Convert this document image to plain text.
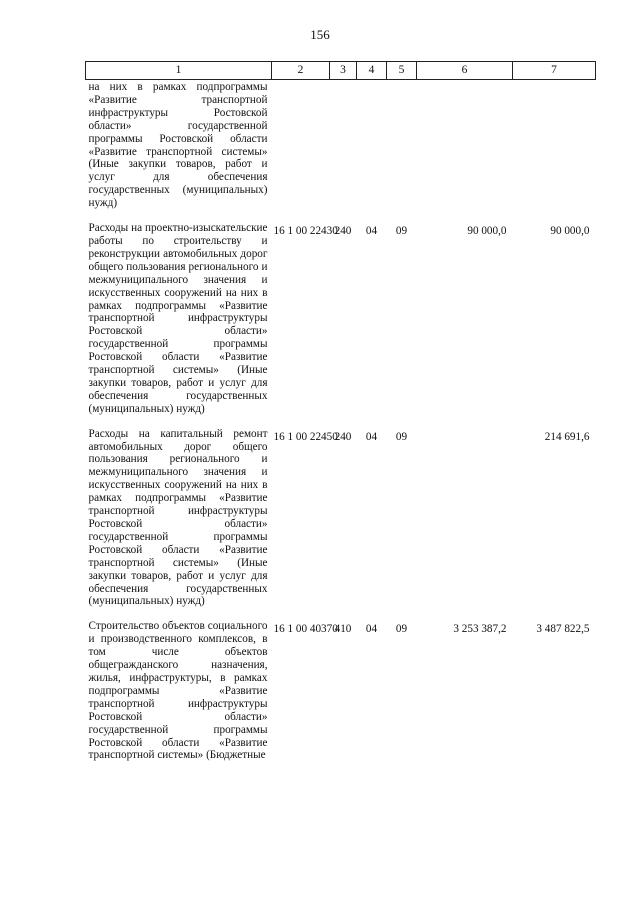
156
1	2	3	4	5	6	7
на них в рамках подпрограммы «Развитие транспортной инфраструктуры Ростовской области» государственной программы Ростовской области «Развитие транспортной системы» (Иные закупки товаров, работ и услуг для обеспечения государственных (муниципальных) нужд)						
Расходы на проектно-изыскательские работы по строительству и реконструкции автомобильных дорог общего пользования регионального и межмуниципального значения и искусственных сооружений на них в рамках подпрограммы «Развитие транспортной инфраструктуры Ростовской области» государственной программы Ростовской области «Развитие транспортной системы» (Иные закупки товаров, работ и услуг для обеспечения государственных (муниципальных) нужд)	16 1 00 22430	240	04	09	90 000,0	90 000,0
Расходы на капитальный ремонт автомобильных дорог общего пользования регионального и межмуниципального значения и искусственных сооружений на них в рамках подпрограммы «Развитие транспортной инфраструктуры Ростовской области» государственной программы Ростовской области «Развитие транспортной системы» (Иные закупки товаров, работ и услуг для обеспечения государственных (муниципальных) нужд)	16 1 00 22450	240	04	09		214 691,6
Строительство объектов социального и производственного комплексов, в том числе объектов общегражданского назначения, жилья, инфраструктуры, в рамках подпрограммы «Развитие транспортной инфраструктуры Ростовской области» государственной программы Ростовской области «Развитие транспортной системы» (Бюджетные	16 1 00 40370	410	04	09	3 253 387,2	3 487 822,5
